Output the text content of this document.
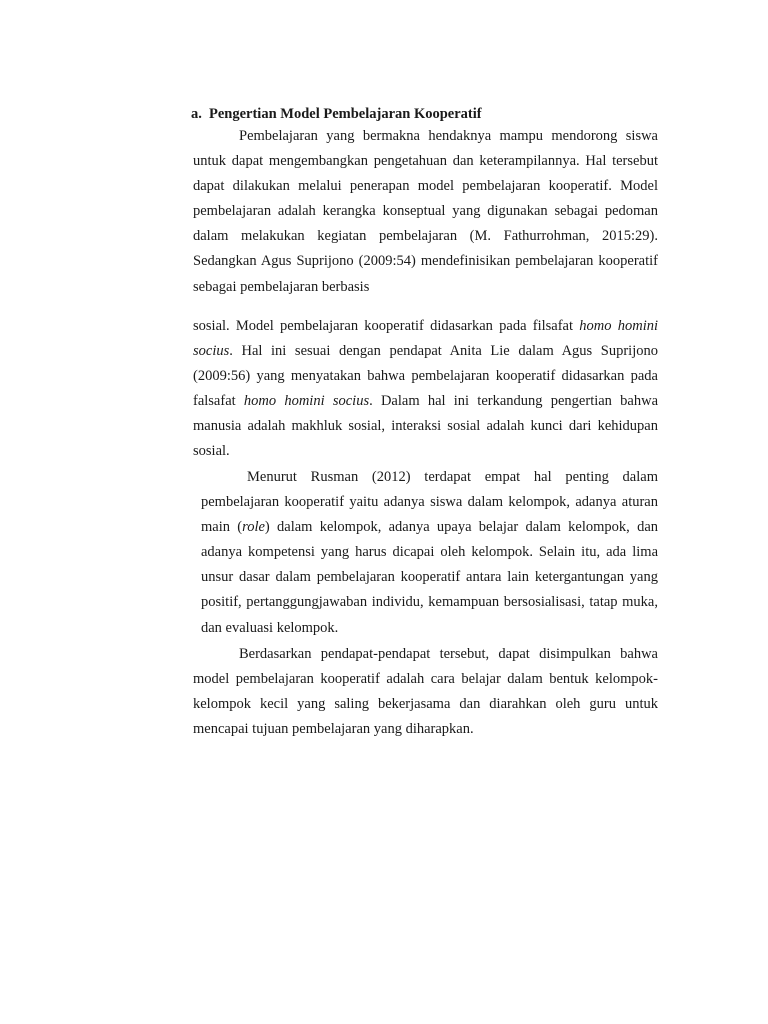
a. Pengertian Model Pembelajaran Kooperatif

Pembelajaran yang bermakna hendaknya mampu mendorong siswa untuk dapat mengembangkan pengetahuan dan keterampilannya. Hal tersebut dapat dilakukan melalui penerapan model pembelajaran kooperatif. Model pembelajaran adalah kerangka konseptual yang digunakan sebagai pedoman dalam melakukan kegiatan pembelajaran (M. Fathurrohman, 2015:29). Sedangkan Agus Suprijono (2009:54) mendefinisikan pembelajaran kooperatif sebagai pembelajaran berbasis

sosial. Model pembelajaran kooperatif didasarkan pada filsafat homo homini socius. Hal ini sesuai dengan pendapat Anita Lie dalam Agus Suprijono (2009:56) yang menyatakan bahwa pembelajaran kooperatif didasarkan pada falsafat homo homini socius. Dalam hal ini terkandung pengertian bahwa manusia adalah makhluk sosial, interaksi sosial adalah kunci dari kehidupan sosial.

Menurut Rusman (2012) terdapat empat hal penting dalam pembelajaran kooperatif yaitu adanya siswa dalam kelompok, adanya aturan main (role) dalam kelompok, adanya upaya belajar dalam kelompok, dan adanya kompetensi yang harus dicapai oleh kelompok. Selain itu, ada lima unsur dasar dalam pembelajaran kooperatif antara lain ketergantungan yang positif, pertanggungjawaban individu, kemampuan bersosialisasi, tatap muka, dan evaluasi kelompok.

Berdasarkan pendapat-pendapat tersebut, dapat disimpulkan bahwa model pembelajaran kooperatif adalah cara belajar dalam bentuk kelompok-kelompok kecil yang saling bekerjasama dan diarahkan oleh guru untuk mencapai tujuan pembelajaran yang diharapkan.
